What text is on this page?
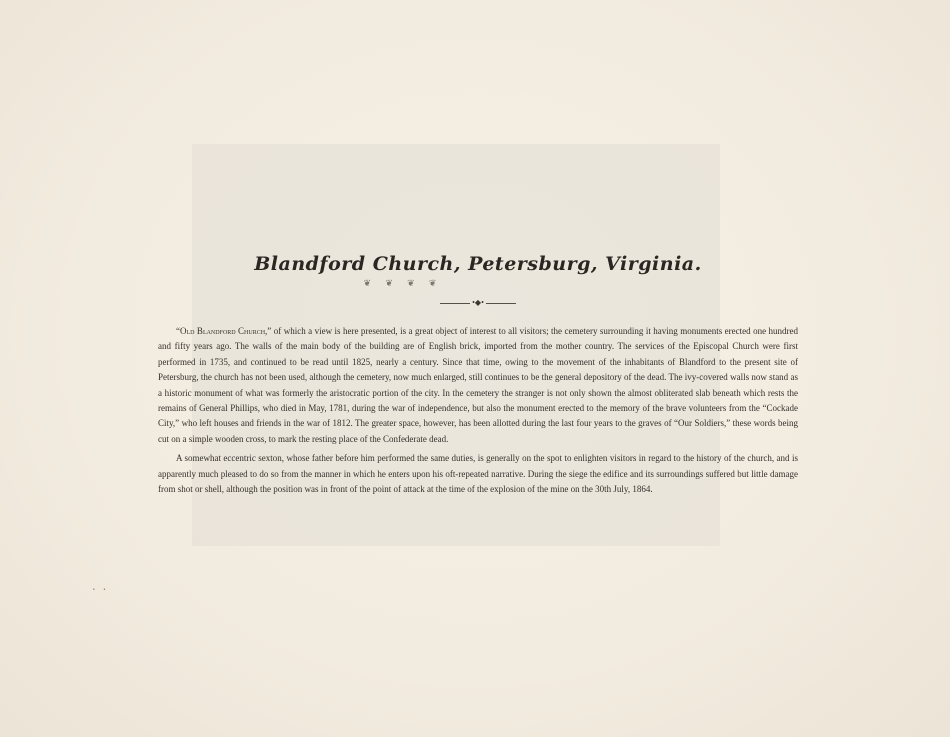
Blandford Church, Petersburg, Virginia.
❦ ❦ ❦ ❦
•◆•

“Old Blandford Church,” of which a view is here presented, is a great object of interest to all visitors; the cemetery surrounding it having monuments erected one hundred and fifty years ago. The walls of the main body of the building are of English brick, imported from the mother country. The services of the Episcopal Church were first performed in 1735, and continued to be read until 1825, nearly a century. Since that time, owing to the movement of the inhabitants of Blandford to the present site of Petersburg, the church has not been used, although the cemetery, now much enlarged, still continues to be the general depository of the dead. The ivy-covered walls now stand as a historic monument of what was formerly the aristocratic portion of the city. In the cemetery the stranger is not only shown the almost obliterated slab beneath which rests the remains of General Phillips, who died in May, 1781, during the war of independence, but also the monument erected to the memory of the brave volunteers from the “Cockade City,” who left houses and friends in the war of 1812. The greater space, however, has been allotted during the last four years to the graves of “Our Soldiers,” these words being cut on a simple wooden cross, to mark the resting place of the Confederate dead.

A somewhat eccentric sexton, whose father before him performed the same duties, is generally on the spot to enlighten visitors in regard to the history of the church, and is apparently much pleased to do so from the manner in which he enters upon his oft-repeated narrative. During the siege the edifice and its surroundings suffered but little damage from shot or shell, although the position was in front of the point of attack at the time of the explosion of the mine on the 30th July, 1864.

•       •
